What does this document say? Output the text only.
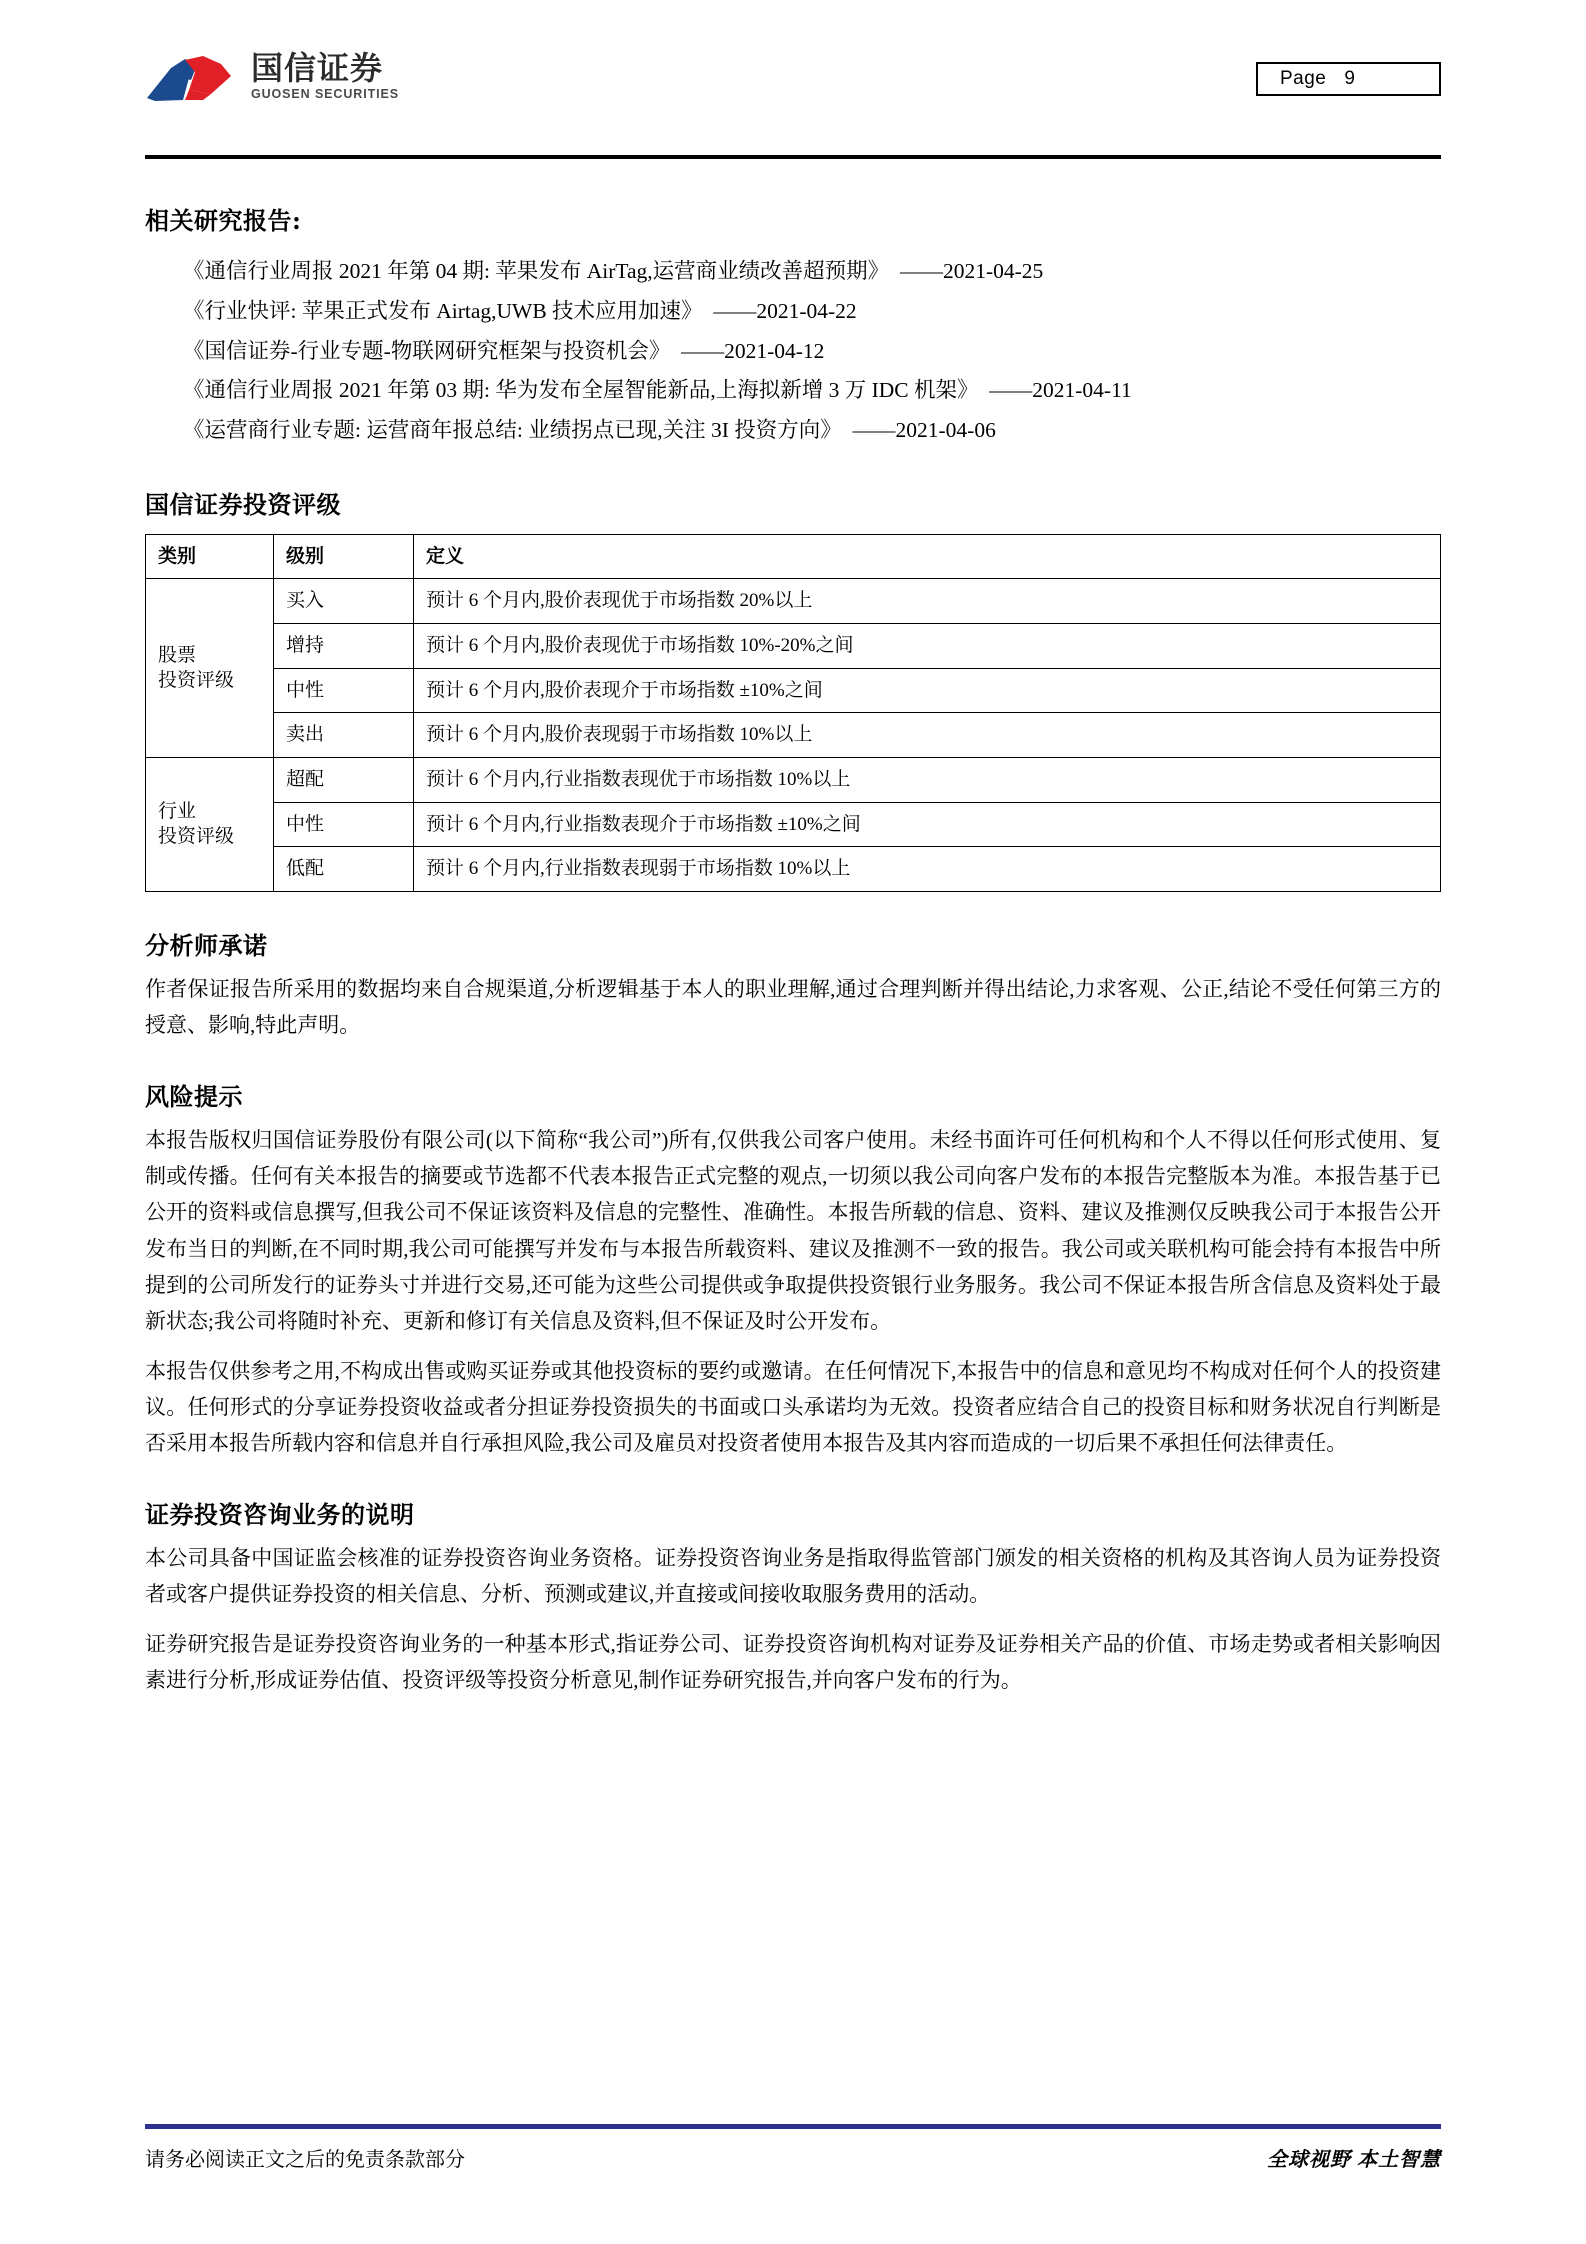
国信证券
GUOSEN SECURITIES
Page 9
相关研究报告:
《通信行业周报 2021 年第 04 期: 苹果发布 AirTag,运营商业绩改善超预期》  ——2021-04-25
《行业快评: 苹果正式发布 Airtag,UWB 技术应用加速》  ——2021-04-22
《国信证券-行业专题-物联网研究框架与投资机会》  ——2021-04-12
《通信行业周报 2021 年第 03 期: 华为发布全屋智能新品,上海拟新增 3 万 IDC 机架》  ——2021-04-11
《运营商行业专题: 运营商年报总结: 业绩拐点已现,关注 3I 投资方向》  ——2021-04-06
国信证券投资评级
类别	级别	定义

股票
投资评级	买入	预计 6 个月内,股价表现优于市场指数 20%以上
	增持	预计 6 个月内,股价表现优于市场指数 10%-20%之间
	中性	预计 6 个月内,股价表现介于市场指数 ±10%之间
	卖出	预计 6 个月内,股价表现弱于市场指数 10%以上

行业
投资评级	超配	预计 6 个月内,行业指数表现优于市场指数 10%以上
	中性	预计 6 个月内,行业指数表现介于市场指数 ±10%之间
	低配	预计 6 个月内,行业指数表现弱于市场指数 10%以上
分析师承诺

作者保证报告所采用的数据均来自合规渠道,分析逻辑基于本人的职业理解,通过合理判断并得出结论,力求客观、公正,结论不受任何第三方的授意、影响,特此声明。

风险提示

本报告版权归国信证券股份有限公司(以下简称“我公司”)所有,仅供我公司客户使用。未经书面许可任何机构和个人不得以任何形式使用、复制或传播。任何有关本报告的摘要或节选都不代表本报告正式完整的观点,一切须以我公司向客户发布的本报告完整版本为准。本报告基于已公开的资料或信息撰写,但我公司不保证该资料及信息的完整性、准确性。本报告所载的信息、资料、建议及推测仅反映我公司于本报告公开发布当日的判断,在不同时期,我公司可能撰写并发布与本报告所载资料、建议及推测不一致的报告。我公司或关联机构可能会持有本报告中所提到的公司所发行的证券头寸并进行交易,还可能为这些公司提供或争取提供投资银行业务服务。我公司不保证本报告所含信息及资料处于最新状态;我公司将随时补充、更新和修订有关信息及资料,但不保证及时公开发布。

本报告仅供参考之用,不构成出售或购买证券或其他投资标的要约或邀请。在任何情况下,本报告中的信息和意见均不构成对任何个人的投资建议。任何形式的分享证券投资收益或者分担证券投资损失的书面或口头承诺均为无效。投资者应结合自己的投资目标和财务状况自行判断是否采用本报告所载内容和信息并自行承担风险,我公司及雇员对投资者使用本报告及其内容而造成的一切后果不承担任何法律责任。

证券投资咨询业务的说明

本公司具备中国证监会核准的证券投资咨询业务资格。证券投资咨询业务是指取得监管部门颁发的相关资格的机构及其咨询人员为证券投资者或客户提供证券投资的相关信息、分析、预测或建议,并直接或间接收取服务费用的活动。

证券研究报告是证券投资咨询业务的一种基本形式,指证券公司、证券投资咨询机构对证券及证券相关产品的价值、市场走势或者相关影响因素进行分析,形成证券估值、投资评级等投资分析意见,制作证券研究报告,并向客户发布的行为。

请务必阅读正文之后的免责条款部分	全球视野 本土智慧
